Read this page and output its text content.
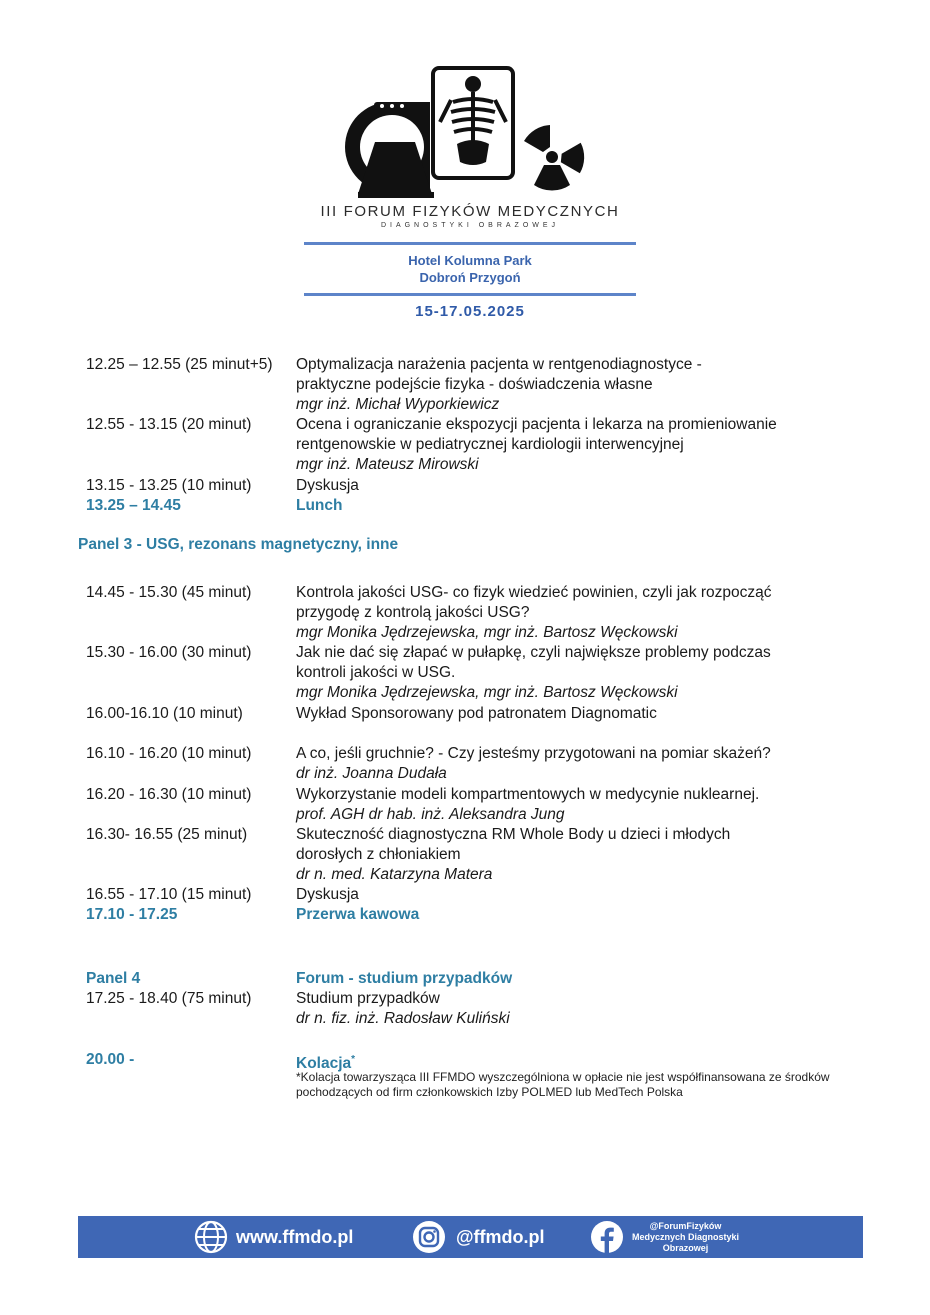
III FORUM FIZYKÓW MEDYCZNYCH
DIAGNOSTYKI OBRAZOWEJ
Hotel Kolumna Park
Dobroń Przygoń
15-17.05.2025
12.25 – 12.55 (25 minut+5) Optymalizacja narażenia pacjenta w rentgenodiagnostyce -
praktyczne podejście fizyka - doświadczenia własne
mgr inż. Michał Wyporkiewicz
12.55 - 13.15 (20 minut)	Ocena i ograniczanie ekspozycji pacjenta i lekarza na promieniowanie
rentgenowskie w pediatrycznej kardiologii interwencyjnej
mgr inż. Mateusz Mirowski
13.15 - 13.25 (10 minut)	Dyskusja
13.25 – 14.45	Lunch
Panel 3 - USG, rezonans magnetyczny, inne
14.45 - 15.30 (45 minut)	Kontrola jakości USG- co fizyk wiedzieć powinien, czyli jak rozpocząć
przygodę z kontrolą jakości USG?
mgr Monika Jędrzejewska, mgr inż. Bartosz Węckowski
15.30 - 16.00 (30 minut)	Jak nie dać się złapać w pułapkę, czyli największe problemy podczas
kontroli jakości w USG.
mgr Monika Jędrzejewska, mgr inż. Bartosz Węckowski
16.00-16.10 (10 minut)	Wykład Sponsorowany pod patronatem Diagnomatic
16.10 - 16.20 (10 minut)	A co, jeśli gruchnie? - Czy jesteśmy przygotowani na pomiar skażeń?
dr inż. Joanna Dudała
16.20 - 16.30 (10 minut)	Wykorzystanie modeli kompartmentowych w medycynie nuklearnej.
prof. AGH dr hab. inż. Aleksandra Jung
16.30- 16.55 (25 minut)	Skuteczność diagnostyczna RM Whole Body u dzieci i młodych
dorosłych z chłoniakiem
dr n. med. Katarzyna Matera
16.55 - 17.10 (15 minut)	Dyskusja
17.10 - 17.25	Przerwa kawowa
Panel 4	Forum - studium przypadków
17.25 - 18.40 (75 minut)	Studium przypadków
dr n. fiz. inż. Radosław Kuliński
20.00 -	Kolacja*
*Kolacja towarzysząca III FFMDO wyszczególniona w opłacie nie jest współfinansowana ze środków pochodzących od firm członkowskich Izby POLMED lub MedTech Polska
www.ffmdo.pl	@ffmdo.pl
@ForumFizyków
Medycznych Diagnostyki
Obrazowej
